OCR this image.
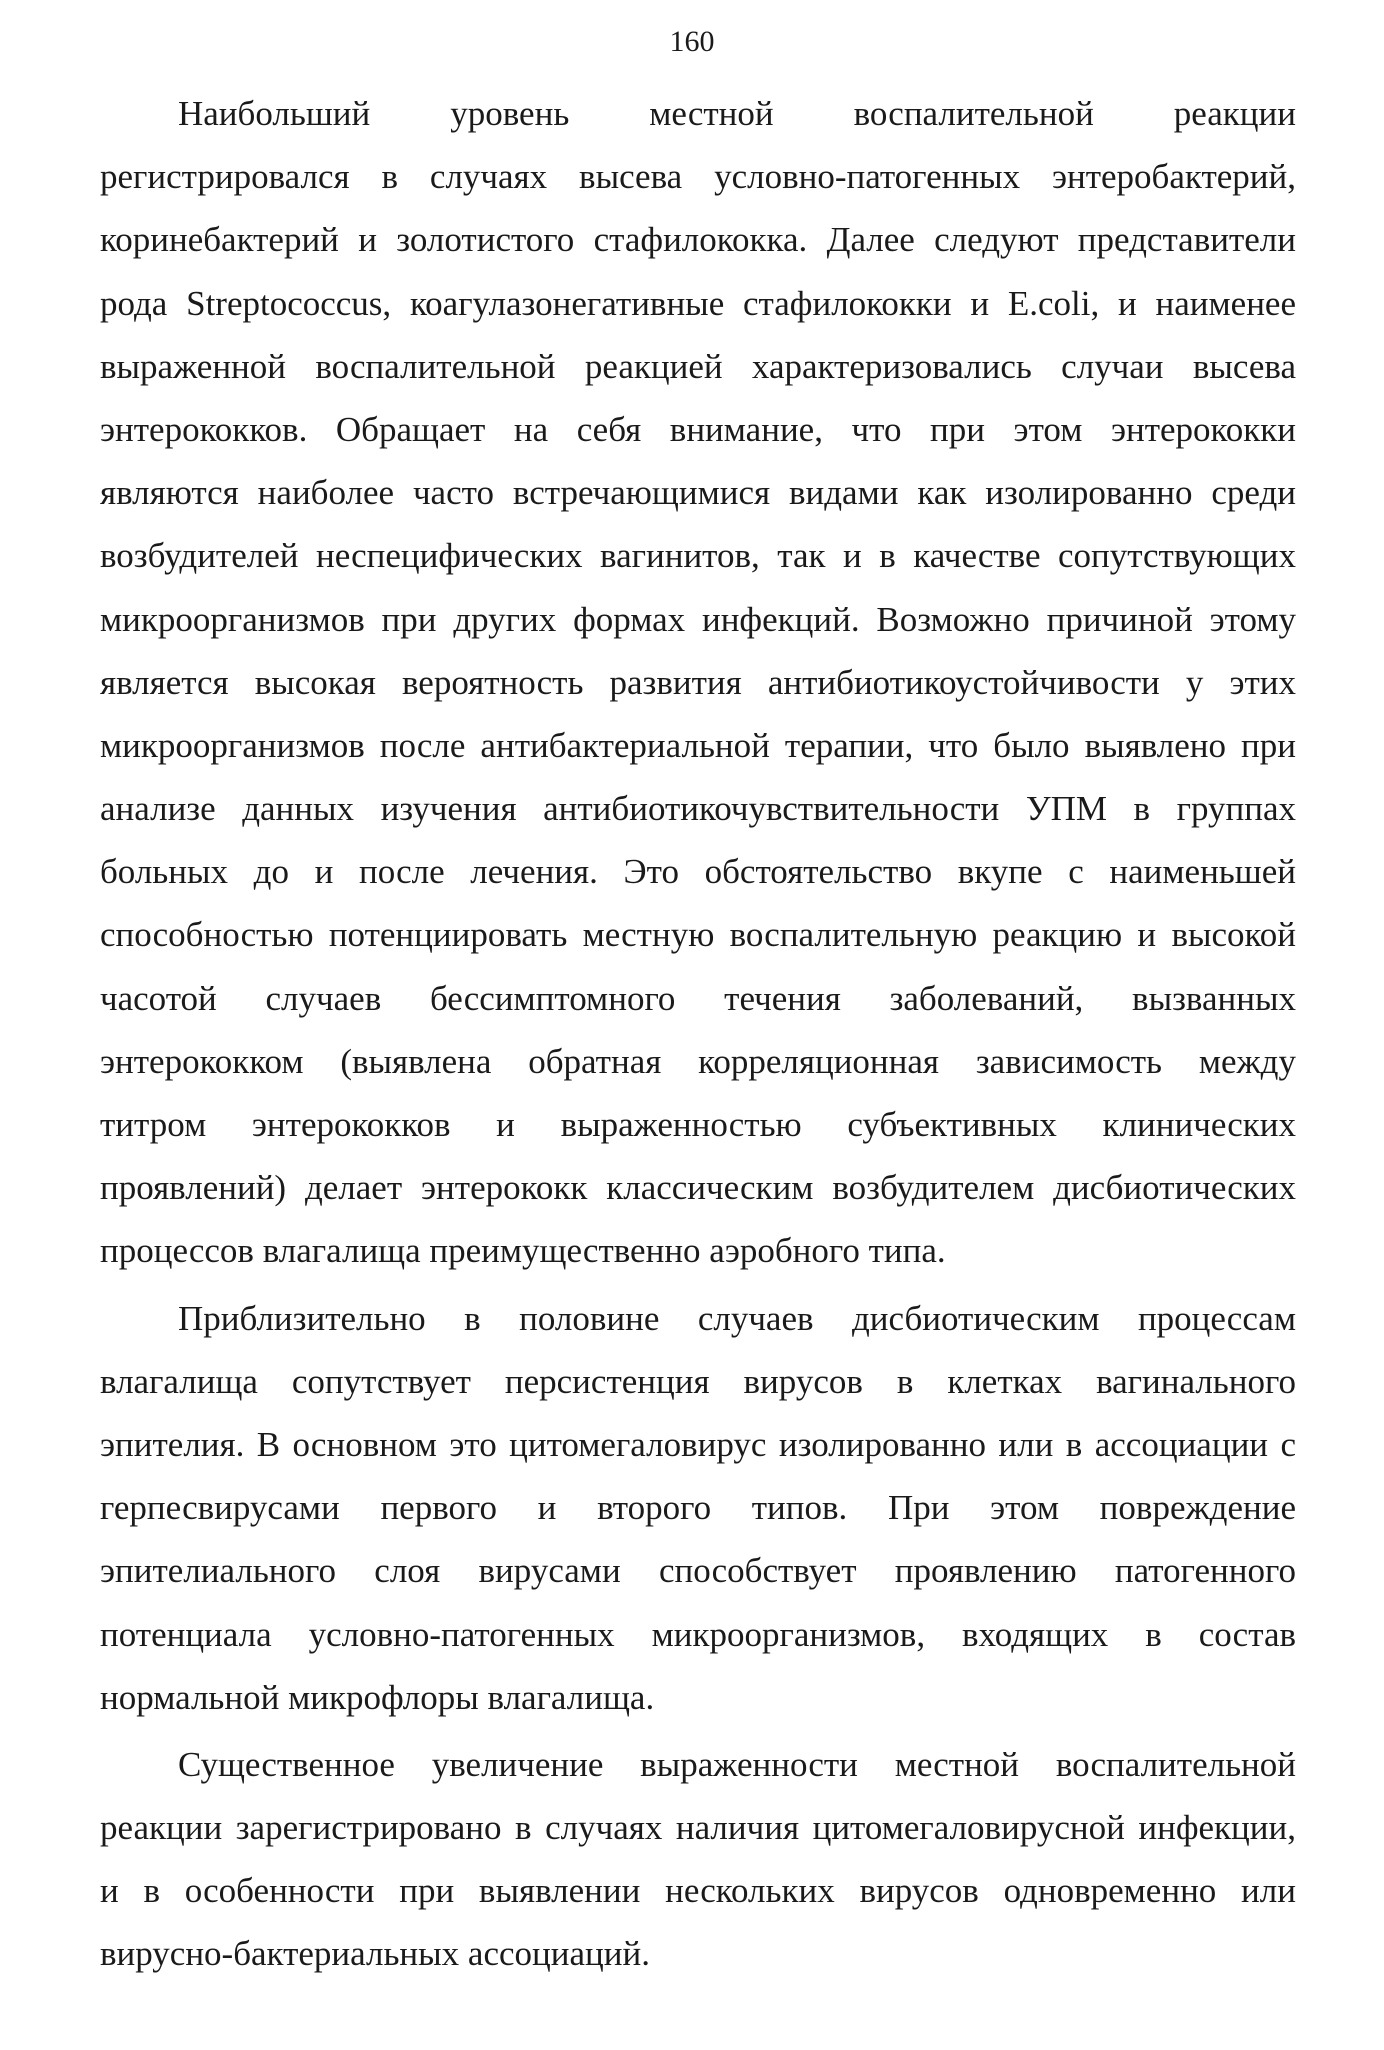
160

Наибольший уровень местной воспалительной реакции
регистрировался в случаях высева условно-патогенных энтеробактерий,
коринебактерий и золотистого стафилококка. Далее следуют представители
рода Streptococcus, коагулазонегативные стафилококки и E.coli, и наименее
выраженной воспалительной реакцией характеризовались случаи высева
энтерококков. Обращает на себя внимание, что при этом энтерококки
являются наиболее часто встречающимися видами как изолированно среди
возбудителей неспецифических вагинитов, так и в качестве сопутствующих
микроорганизмов при других формах инфекций. Возможно причиной этому
является высокая вероятность развития антибиотикоустойчивости у этих
микроорганизмов после антибактериальной терапии, что было выявлено при
анализе данных изучения антибиотикочувствительности УПМ в группах
больных до и после лечения. Это обстоятельство вкупе с наименьшей
способностью потенциировать местную воспалительную реакцию и высокой
часотой случаев бессимптомного течения заболеваний, вызванных
энтерококком (выявлена обратная корреляционная зависимость между
титром энтерококков и выраженностью субъективных клинических
проявлений) делает энтерококк классическим возбудителем дисбиотических
процессов влагалища преимущественно аэробного типа.

Приблизительно в половине случаев дисбиотическим процессам
влагалища сопутствует персистенция вирусов в клетках вагинального
эпителия. В основном это цитомегаловирус изолированно или в ассоциации с
герпесвирусами первого и второго типов. При этом повреждение
эпителиального слоя вирусами способствует проявлению патогенного
потенциала условно-патогенных микроорганизмов, входящих в состав
нормальной микрофлоры влагалища.

Существенное увеличение выраженности местной воспалительной
реакции зарегистрировано в случаях наличия цитомегаловирусной инфекции,
и в особенности при выявлении нескольких вирусов одновременно или
вирусно-бактериальных ассоциаций.
